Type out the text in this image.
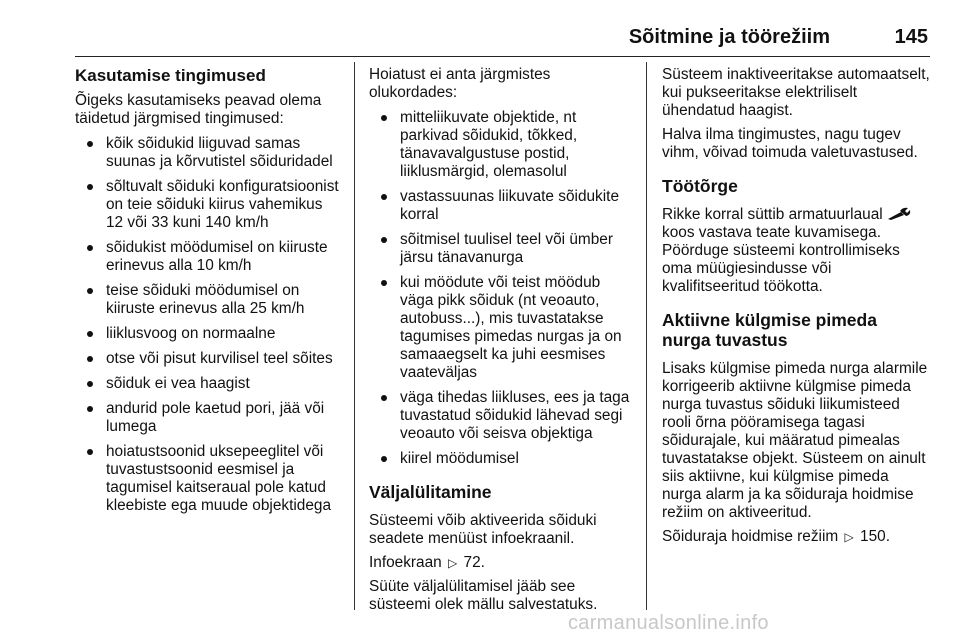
Sõitmine ja töörežiim	145
Kasutamise tingimused

Õigeks kasutamiseks peavad olema täidetud järgmised tingimused:

kõik sõidukid liiguvad samas suunas ja kõrvutistel sõiduridadel
sõltuvalt sõiduki konfiguratsioonist on teie sõiduki kiirus vahemikus 12 või 33 kuni 140 km/h
sõidukist möödumisel on kiiruste erinevus alla 10 km/h
teise sõiduki möödumisel on kiiruste erinevus alla 25 km/h
liiklusvoog on normaalne
otse või pisut kurvilisel teel sõites
sõiduk ei vea haagist
andurid pole kaetud pori, jää või lumega
hoiatustsoonid uksepeeglitel või tuvastustsoonid eesmisel ja tagumisel kaitseraual pole katud kleebiste ega muude objektidega

Hoiatust ei anta järgmistes olukordades:

mitteliikuvate objektide, nt parkivad sõidukid, tõkked, tänavavalgustuse postid, liiklusmärgid, olemasolul
vastassuunas liikuvate sõidukite korral
sõitmisel tuulisel teel või ümber järsu tänavanurga
kui möödute või teist möödub väga pikk sõiduk (nt veoauto, autobuss...), mis tuvastatakse tagumises pimedas nurgas ja on samaaegselt ka juhi eesmises vaateväljas
väga tihedas liikluses, ees ja taga tuvastatud sõidukid lähevad segi veoauto või seisva objektiga
kiirel möödumisel
Väljalülitamine

Süsteemi võib aktiveerida sõiduki seadete menüüst infoekraanil.

Infoekraan ▷ 72.

Süüte väljalülitamisel jääb see süsteemi olek mällu salvestatuks.

Süsteem inaktiveeritakse automaatselt, kui pukseeritakse elektriliselt ühendatud haagist.

Halva ilma tingimustes, nagu tugev vihm, võivad toimuda valetuvastused.

Töötõrge

Rikke korral süttib armatuurlaual  koos vastava teate kuvamisega. Pöörduge süsteemi kontrollimiseks oma müügiesindusse või kvalifitseeritud töökotta.

Aktiivne külgmise pimeda nurga tuvastus

Lisaks külgmise pimeda nurga alarmile korrigeerib aktiivne külgmise pimeda nurga tuvastus sõiduki liikumisteed rooli õrna pööramisega tagasi sõidurajale, kui määratud pimealas tuvastatakse objekt. Süsteem on ainult siis aktiivne, kui külgmise pimeda nurga alarm ja ka sõiduraja hoidmise režiim on aktiveeritud.

Sõiduraja hoidmise režiim ▷ 150.

carmanualsonline.info
